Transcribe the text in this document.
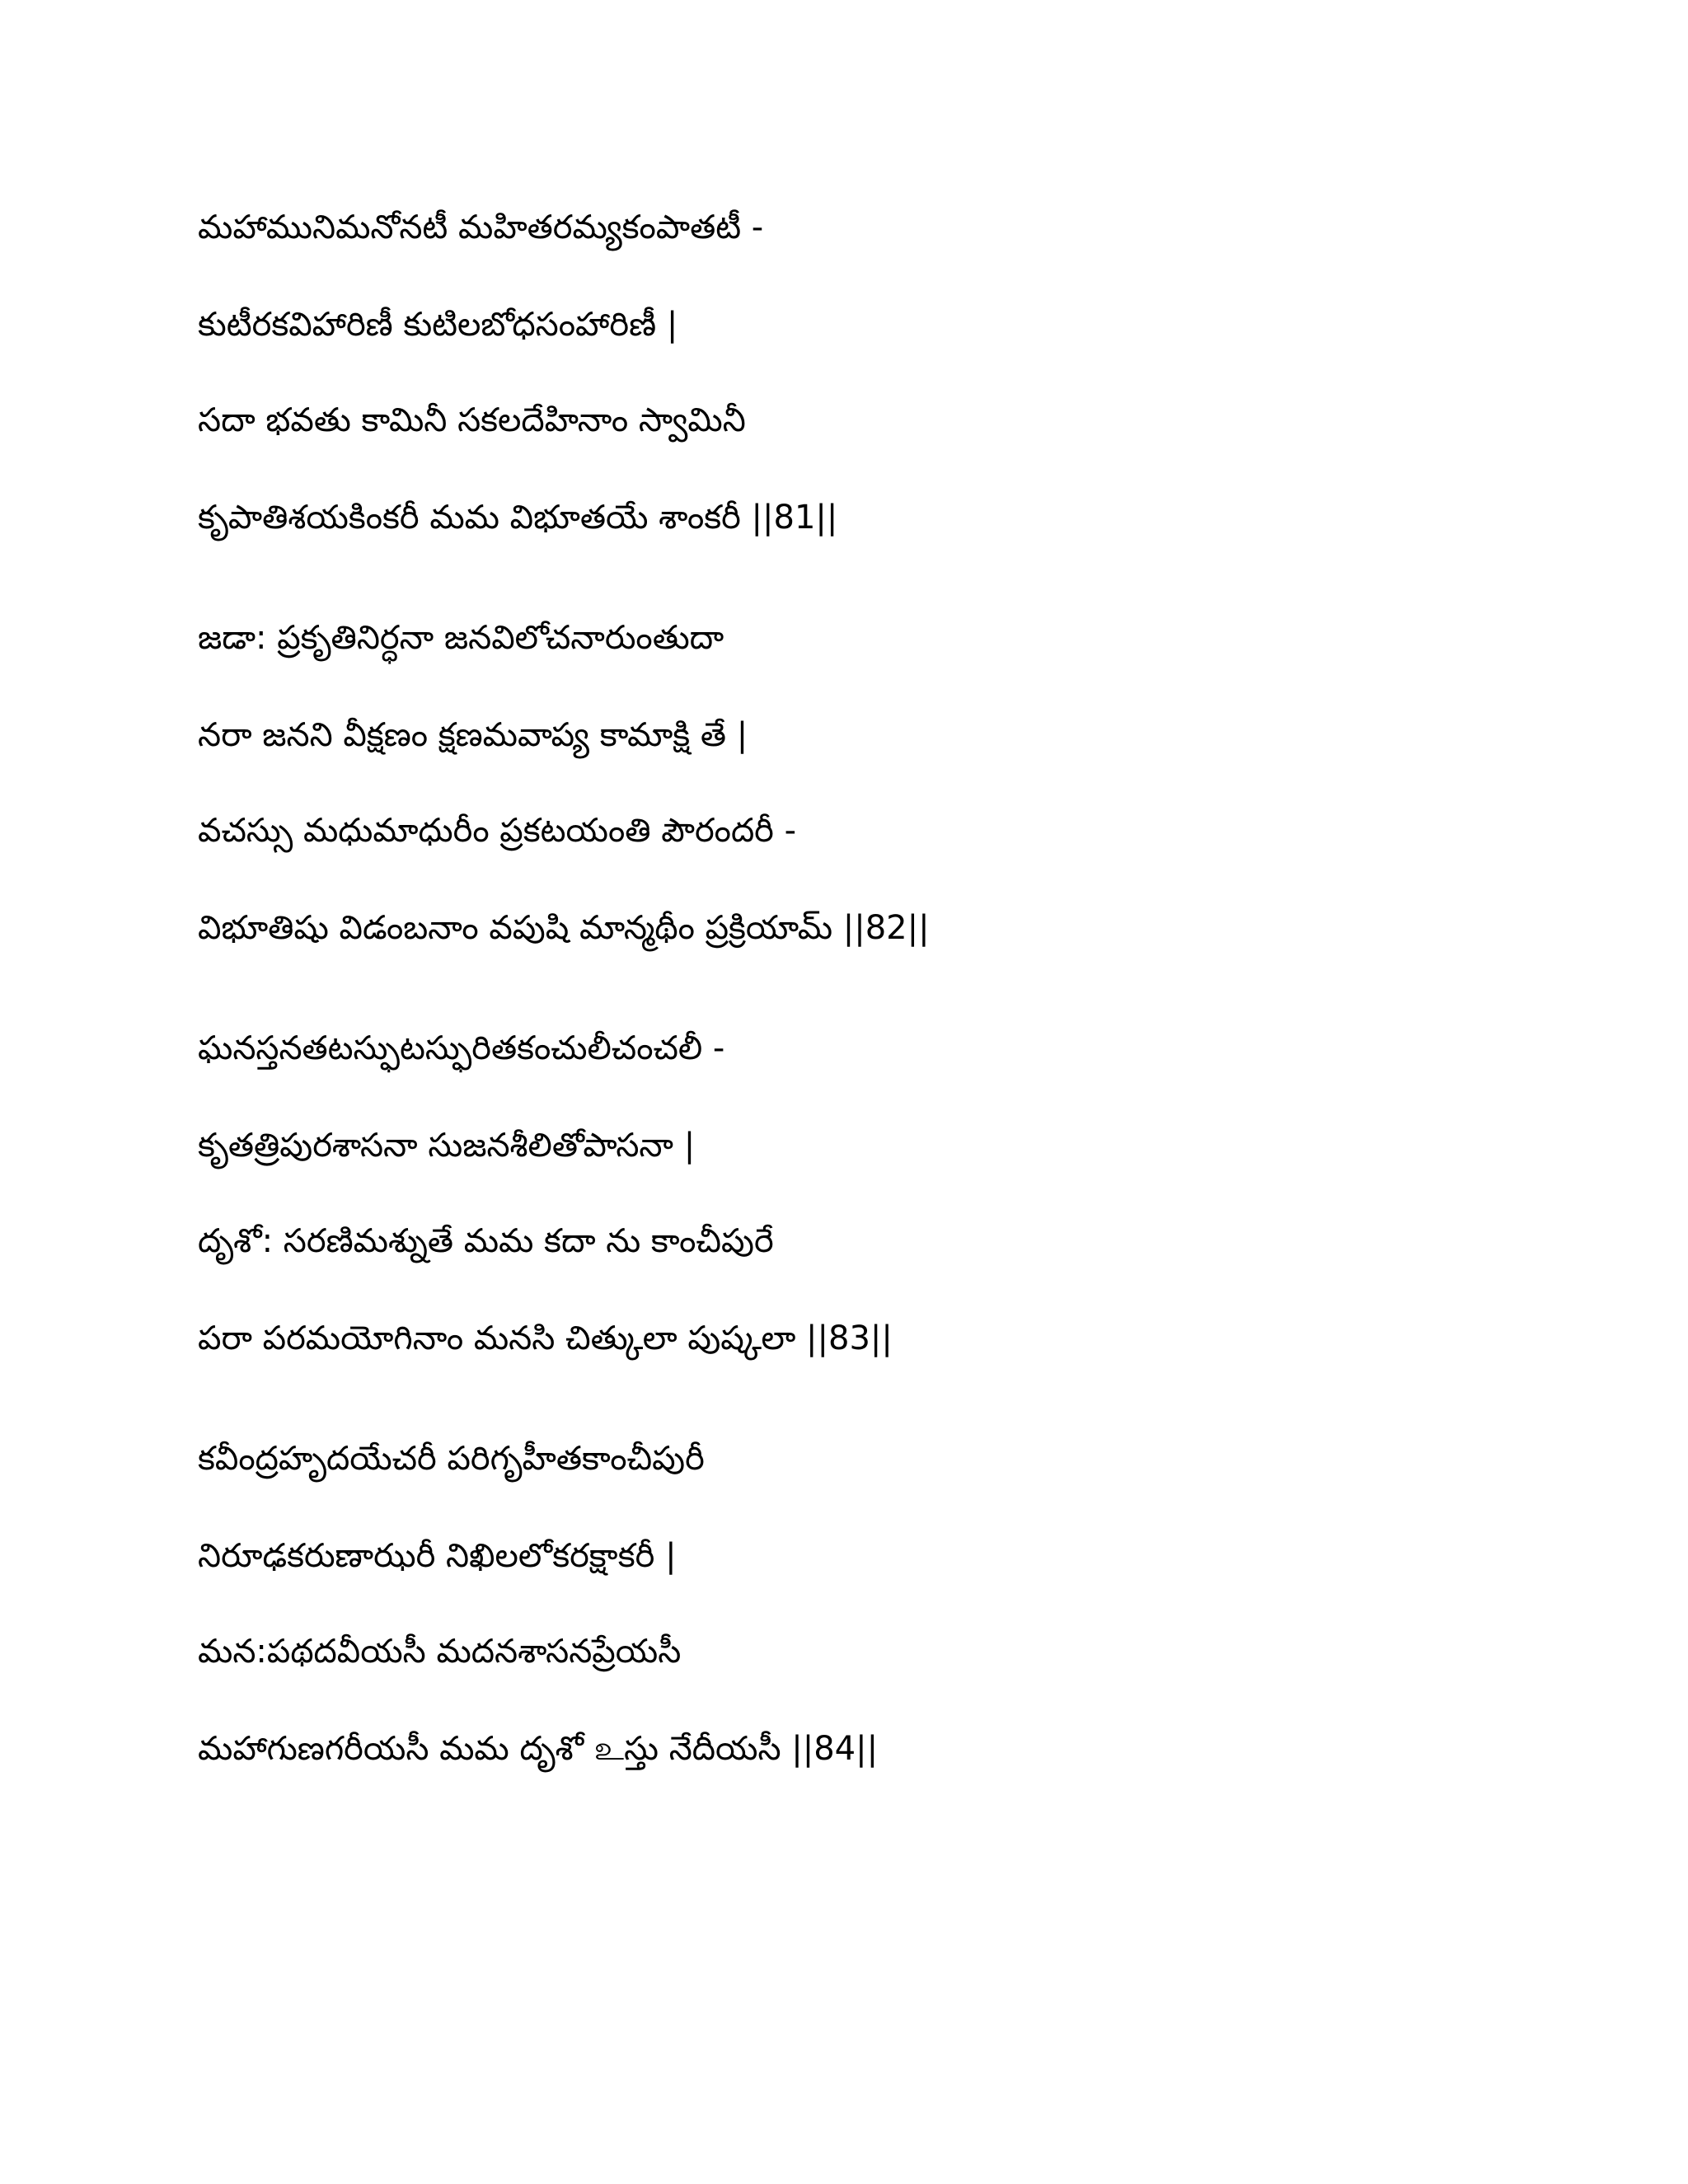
మహామునిమనోనటీ మహితరమ్యకంపాతటీ -
కుటీరకవిహారిణీ కుటిలబోధసంహారిణీ |
సదా భవతు కామినీ సకలదేహినాం స్వామినీ
కృపాతిశయకింకరీ మమ విభూతయే శాంకరీ ||81||
జడా: ప్రకృతినిర్ధనా జనవిలోచనారుంతుదా
నరా జనని వీక్షణం క్షణమవాప్య కామాక్షి తే |
వచస్సు మధుమాధురీం ప్రకటయంతి పౌరందరీ -
విభూతిషు విడంబనాం వపుషి మాన్మథీం ప్రక్రియామ్ ||82||
ఘనస్తనతటస్ఫుటస్ఫురితకంచులీచంచలీ -
కృతత్రిపురశాసనా సుజనశీలితోపాసనా |
దృశో: సరణిమశ్నుతే మమ కదా ను కాంచీపురే
పరా పరమయోగినాం మనసి చిత్కులా పుష్కలా ||83||
కవీంద్రహృదయేచరీ పరిగృహీతకాంచీపురీ
నిరూఢకరుణాఝరీ నిఖిలలోకరక్షాకరీ |
మన:పథదవీయసీ మదనశాసనప్రేయసీ
మహాగుణగరీయసీ మమ దృశో உస్తు నేదీయసీ ||84||
